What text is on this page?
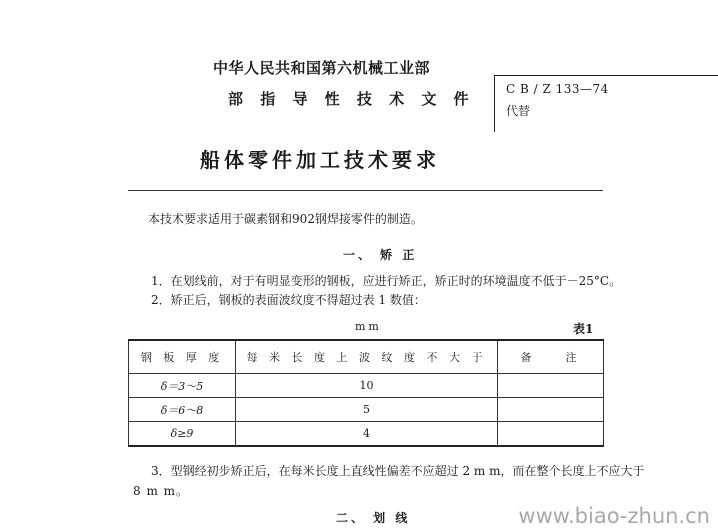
中华人民共和国第六机械工业部
部 指 导 性 技 术 文 件
船体零件加工技术要求
C B / Z 133—74
代替
本技术要求适用于碳素钢和902钢焊接零件的制造。
一、 矫 正
1．在划线前，对于有明显变形的钢板，应进行矫正，矫正时的环境温度不低于－25°C。
2．矫正后，钢板的表面波纹度不得超过表 1 数值：
mm	表1
钢 板 厚 度	每 米 长 度 上 波 纹 度 不 大 于	备　　注
δ＝3～5	10	
δ＝6～8	5	
δ≥9	4	
3．型钢经初步矫正后，在每米长度上直线性偏差不应超过 2 m m，而在整个长度上不应大于
8 m m。
二、 划 线	www.biao-zhun.cn
